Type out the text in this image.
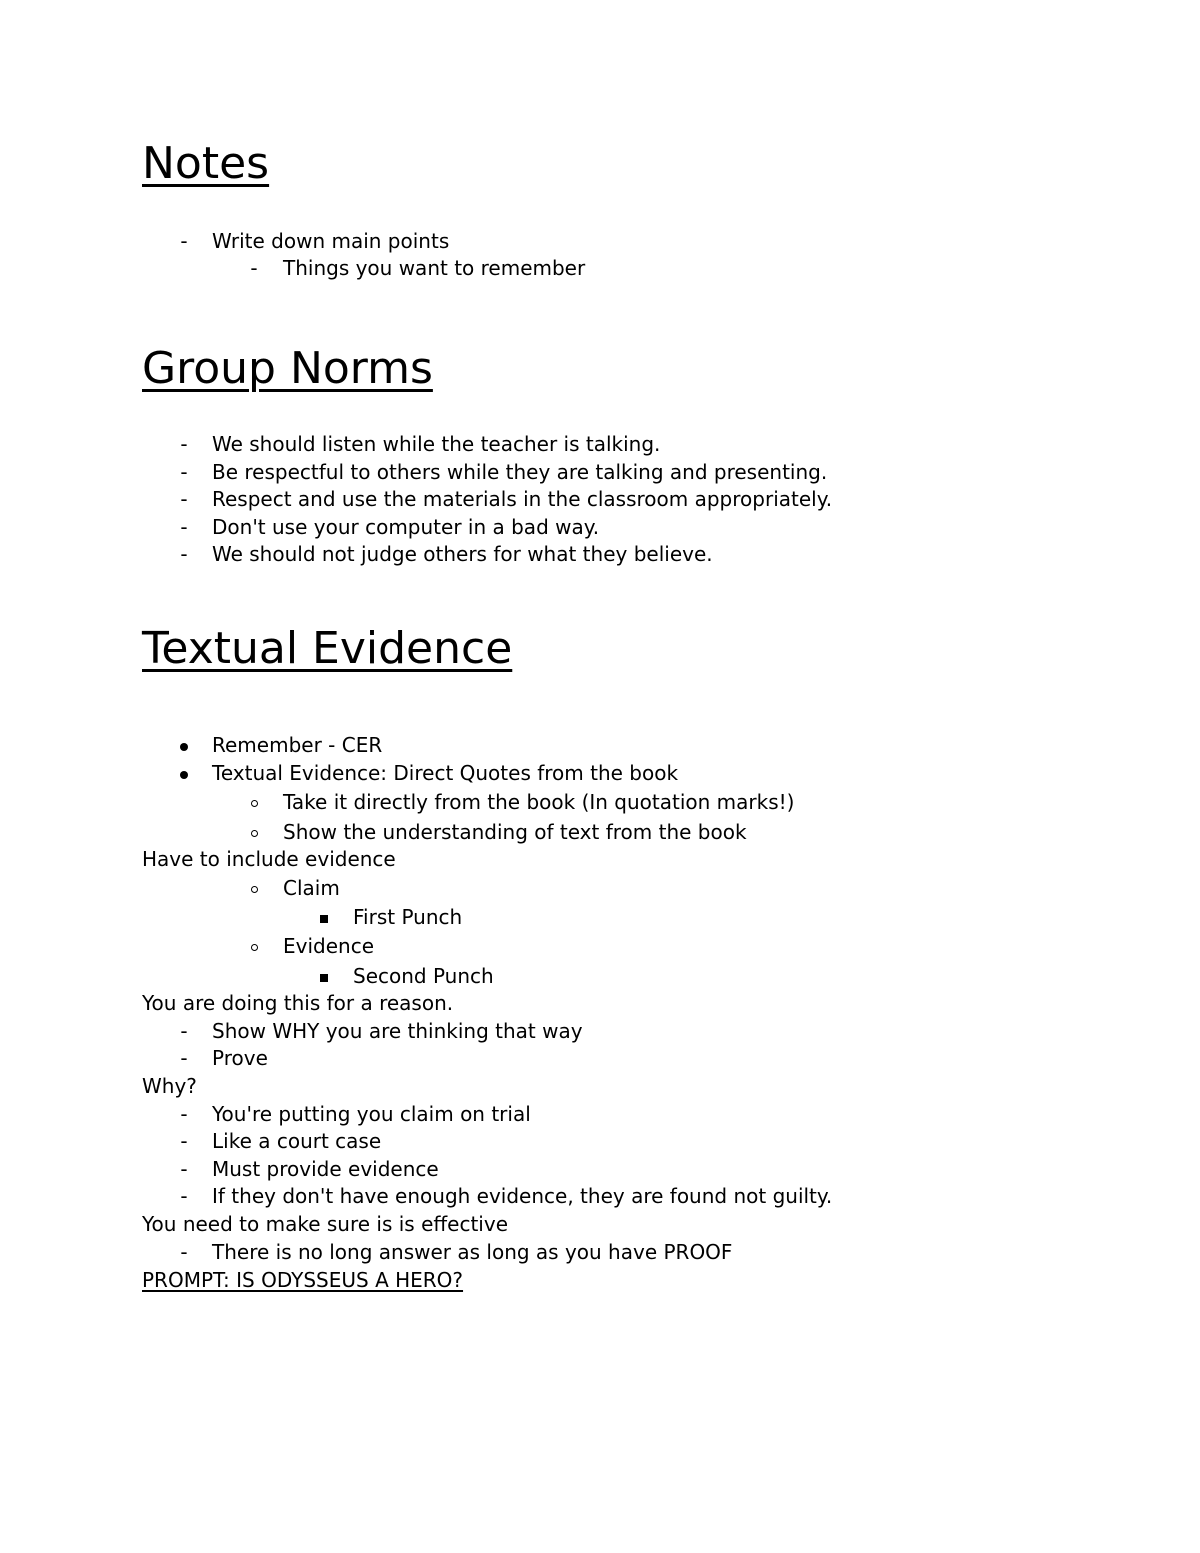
Notes
-	Write down main points
-	Things you want to remember
Group Norms
-	We should listen while the teacher is talking.
-	Be respectful to others while they are talking and presenting.
-	Respect and use the materials in the classroom appropriately.
-	Don't use your computer in a bad way.
-	We should not judge others for what they believe.
Textual Evidence
Remember - CER
Textual Evidence: Direct Quotes from the book
Take it directly from the book (In quotation marks!)
Show the understanding of text from the book
Have to include evidence
Claim
First Punch
Evidence
Second Punch
You are doing this for a reason.
-	Show WHY you are thinking that way
-	Prove
Why?
-	You're putting you claim on trial
-	Like a court case
-	Must provide evidence
-	If they don't have enough evidence, they are found not guilty.
You need to make sure is is effective
-	There is no long answer as long as you have PROOF
PROMPT: IS ODYSSEUS A HERO?
